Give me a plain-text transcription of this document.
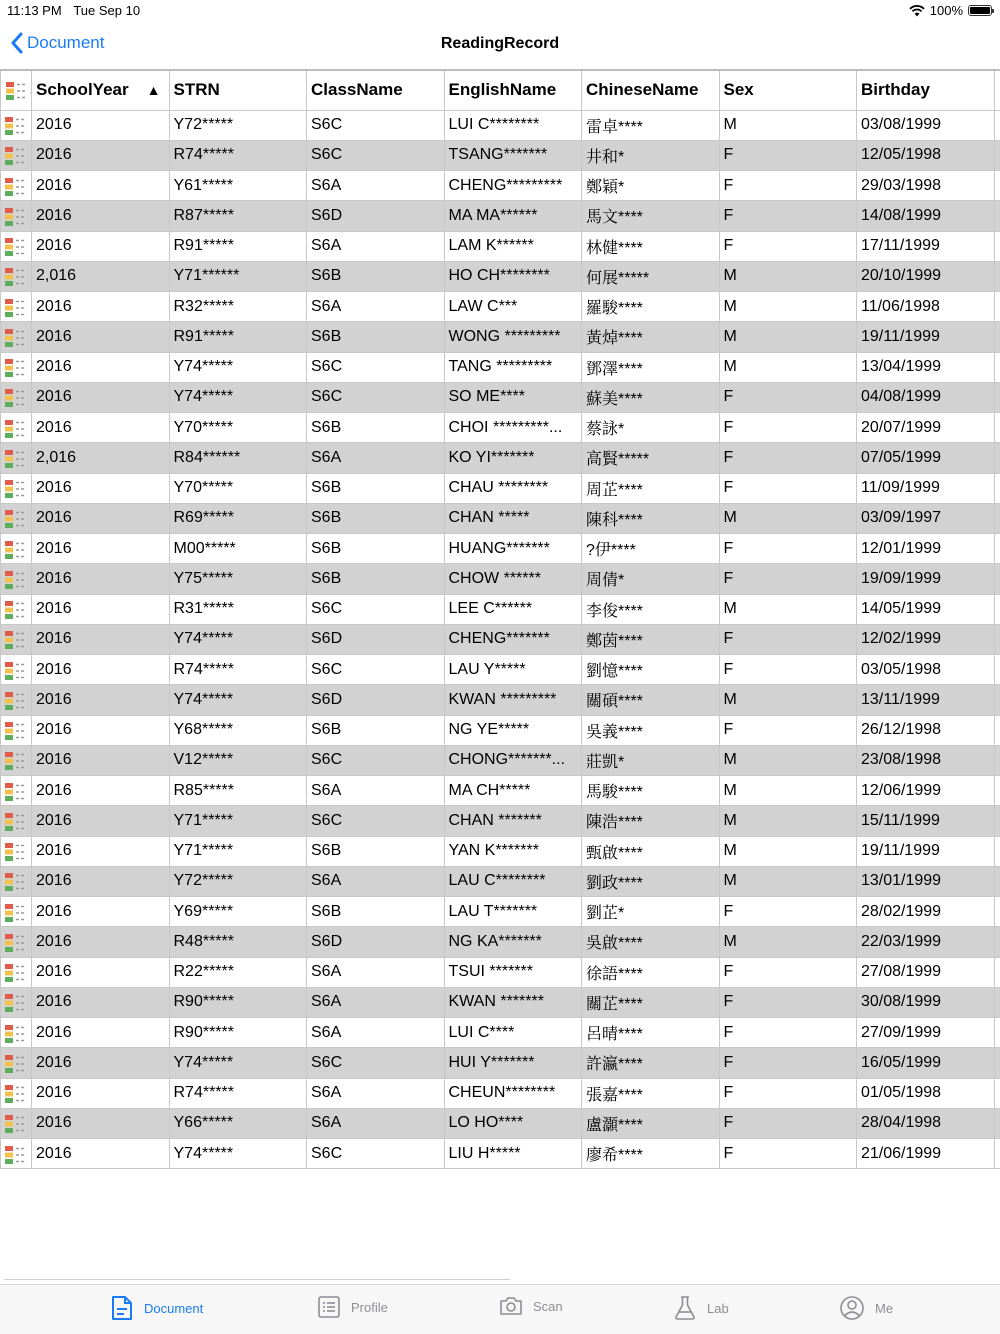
11:13 PM Tue Sep 10	100%
Document	ReadingRecord
	SchoolYear ▲	STRN	ClassName	EnglishName	ChineseName	Sex	Birthday	
	2016	Y72*****	S6C	LUI C********	雷卓****	M	03/08/1999	
	2016	R74*****	S6C	TSANG*******	井和*	F	12/05/1998	
	2016	Y61*****	S6A	CHENG*********	鄭穎*	F	29/03/1998	
	2016	R87*****	S6D	MA MA******	馬文****	F	14/08/1999	
	2016	R91*****	S6A	LAM K******	林健****	F	17/11/1999	
	2,016	Y71******	S6B	HO CH********	何展*****	M	20/10/1999	
	2016	R32*****	S6A	LAW C***	羅駿****	M	11/06/1998	
	2016	R91*****	S6B	WONG *********	黃焯****	M	19/11/1999	
	2016	Y74*****	S6C	TANG *********	鄧澤****	M	13/04/1999	
	2016	Y74*****	S6C	SO ME****	蘇美****	F	04/08/1999	
	2016	Y70*****	S6B	CHOI *********...	蔡詠*	F	20/07/1999	
	2,016	R84******	S6A	KO YI*******	高賢*****	F	07/05/1999	
	2016	Y70*****	S6B	CHAU ********	周芷****	F	11/09/1999	
	2016	R69*****	S6B	CHAN *****	陳科****	M	03/09/1997	
	2016	M00*****	S6B	HUANG*******	?伊****	F	12/01/1999	
	2016	Y75*****	S6B	CHOW ******	周倩*	F	19/09/1999	
	2016	R31*****	S6C	LEE C******	李俊****	M	14/05/1999	
	2016	Y74*****	S6D	CHENG*******	鄭茵****	F	12/02/1999	
	2016	R74*****	S6C	LAU Y*****	劉憶****	F	03/05/1998	
	2016	Y74*****	S6D	KWAN *********	關碩****	M	13/11/1999	
	2016	Y68*****	S6B	NG YE*****	吳義****	F	26/12/1998	
	2016	V12*****	S6C	CHONG*******...	莊凱*	M	23/08/1998	
	2016	R85*****	S6A	MA CH*****	馬駿****	M	12/06/1999	
	2016	Y71*****	S6C	CHAN *******	陳浩****	M	15/11/1999	
	2016	Y71*****	S6B	YAN K*******	甄啟****	M	19/11/1999	
	2016	Y72*****	S6A	LAU C********	劉政****	M	13/01/1999	
	2016	Y69*****	S6B	LAU T*******	劉芷*	F	28/02/1999	
	2016	R48*****	S6D	NG KA*******	吳啟****	M	22/03/1999	
	2016	R22*****	S6A	TSUI *******	徐語****	F	27/08/1999	
	2016	R90*****	S6A	KWAN *******	關芷****	F	30/08/1999	
	2016	R90*****	S6A	LUI C****	呂晴****	F	27/09/1999	
	2016	Y74*****	S6C	HUI Y*******	許瀛****	F	16/05/1999	
	2016	R74*****	S6A	CHEUN********	張嘉****	F	01/05/1998	
	2016	Y66*****	S6A	LO HO****	盧灝****	F	28/04/1998	
	2016	Y74*****	S6C	LIU H*****	廖希****	F	21/06/1999	
Document	Profile	Scan	Lab	Me
